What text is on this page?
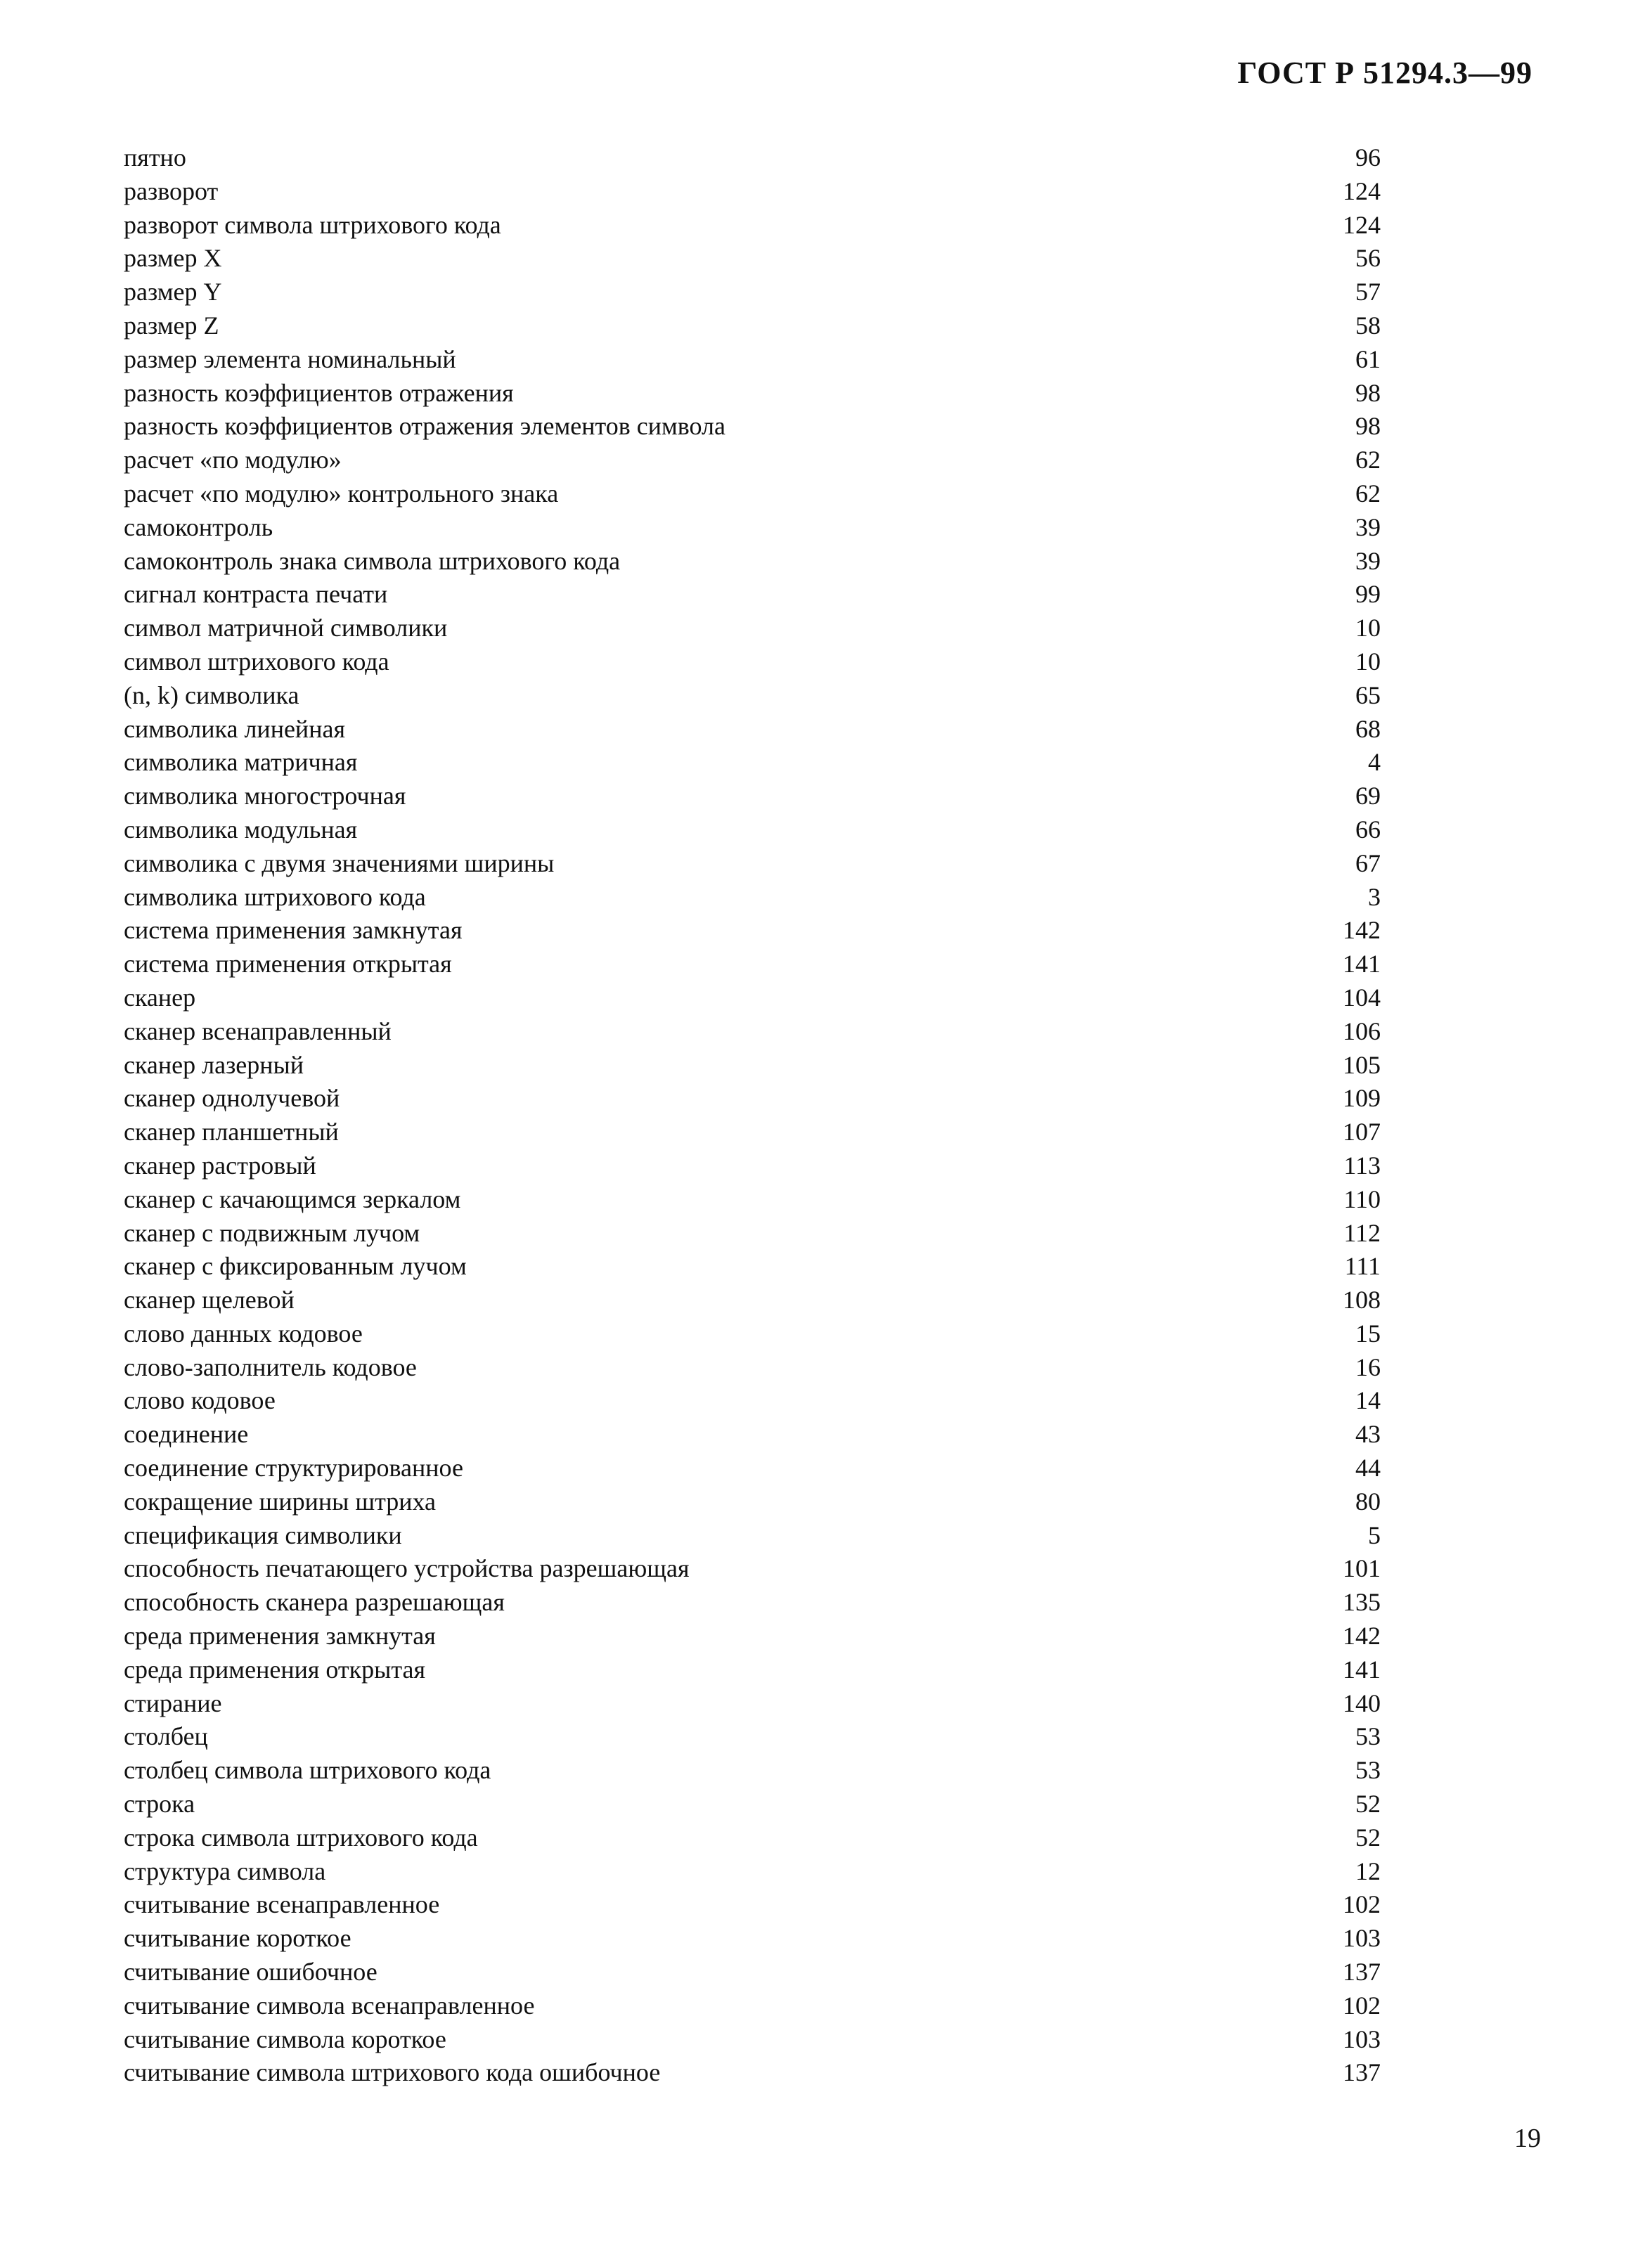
ГОСТ Р 51294.3—99
пятно	96
разворот	124
разворот символа штрихового кода	124
размер X	56
размер Y	57
размер Z	58
размер элемента номинальный	61
разность коэффициентов отражения	98
разность коэффициентов отражения элементов символа	98
расчет «по модулю»	62
расчет «по модулю» контрольного знака	62
самоконтроль	39
самоконтроль знака символа штрихового кода	39
сигнал контраста печати	99
символ матричной символики	10
символ штрихового кода	10
(n, k) символика	65
символика линейная	68
символика матричная	4
символика многострочная	69
символика модульная	66
символика с двумя значениями ширины	67
символика штрихового кода	3
система применения замкнутая	142
система применения открытая	141
сканер	104
сканер всенаправленный	106
сканер лазерный	105
сканер однолучевой	109
сканер планшетный	107
сканер растровый	113
сканер с качающимся зеркалом	110
сканер с подвижным лучом	112
сканер с фиксированным лучом	111
сканер щелевой	108
слово данных кодовое	15
слово-заполнитель кодовое	16
слово кодовое	14
соединение	43
соединение структурированное	44
сокращение ширины штриха	80
спецификация символики	5
способность печатающего устройства разрешающая	101
способность сканера разрешающая	135
среда применения замкнутая	142
среда применения открытая	141
стирание	140
столбец	53
столбец символа штрихового кода	53
строка	52
строка символа штрихового кода	52
структура символа	12
считывание всенаправленное	102
считывание короткое	103
считывание ошибочное	137
считывание символа всенаправленное	102
считывание символа короткое	103
считывание символа штрихового кода ошибочное	137
19
